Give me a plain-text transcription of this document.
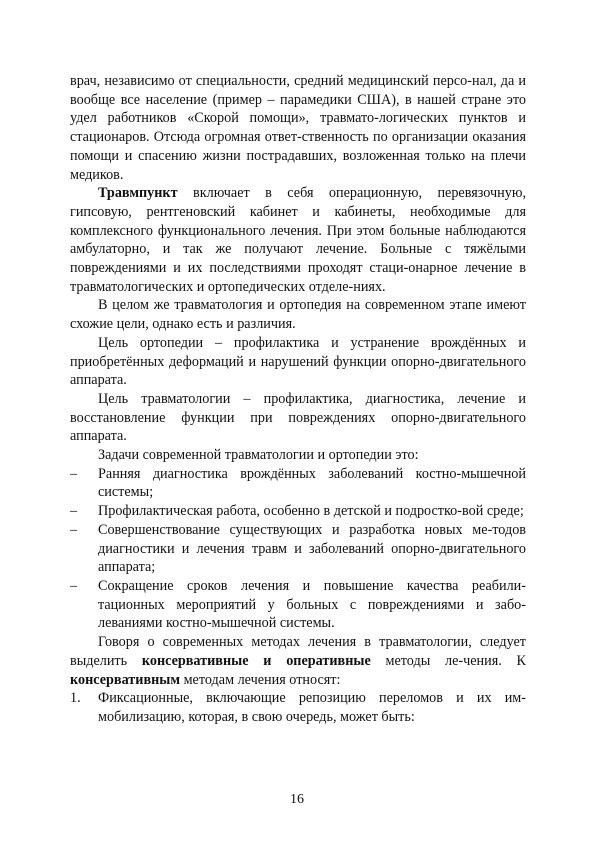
врач, независимо от специальности, средний медицинский персо-нал, да и вообще все население (пример – парамедики США), в нашей стране это удел работников «Скорой помощи», травмато-логических пунктов и стационаров. Отсюда огромная ответ-ственность по организации оказания помощи и спасению жизни пострадавших, возложенная только на плечи медиков.

Травмпункт включает в себя операционную, перевязочную, гипсовую, рентгеновский кабинет и кабинеты, необходимые для комплексного функционального лечения. При этом больные наблюдаются амбулаторно, и так же получают лечение. Больные с тяжёлыми повреждениями и их последствиями проходят стаци-онарное лечение в травматологических и ортопедических отделе-ниях.

В целом же травматология и ортопедия на современном этапе имеют схожие цели, однако есть и различия.

Цель ортопедии – профилактика и устранение врождённых и приобретённых деформаций и нарушений функции опорно-двигательного аппарата.

Цель травматологии – профилактика, диагностика, лечение и восстановление функции при повреждениях опорно-двигательного аппарата.

Задачи современной травматологии и ортопедии это:

– Ранняя диагностика врождённых заболеваний костно-мышечной системы;
– Профилактическая работа, особенно в детской и подростко-вой среде;
– Совершенствование существующих и разработка новых ме-тодов диагностики и лечения травм и заболеваний опорно-двигательного аппарата;
– Сокращение сроков лечения и повышение качества реабили-тационных мероприятий у больных с повреждениями и забо-леваниями костно-мышечной системы.

Говоря о современных методах лечения в травматологии, следует выделить консервативные и оперативные методы ле-чения. К консервативным методам лечения относят:

1. Фиксационные, включающие репозицию переломов и их им-мобилизацию, которая, в свою очередь, может быть:
16
